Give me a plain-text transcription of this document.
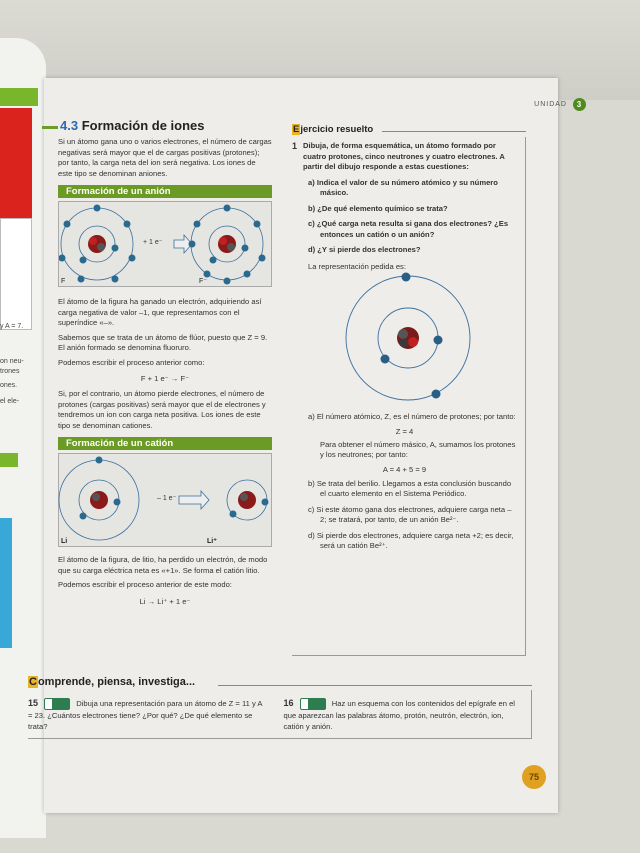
y A = 7.
on neu-
trones
ones.
el ele-
UNIDAD	3
4.3 Formación de iones

Si un átomo gana uno o varios electrones, el número de cargas negativas será mayor que el de cargas positivas (protones); por tanto, la carga neta del ion será negativa. Los iones de este tipo se denominan aniones.

Formación de un anión
+ 1 e⁻
F	F⁻

El átomo de la figura ha ganado un electrón, adquiriendo así carga negativa de valor –1, que representamos con el superíndice «–».

Sabemos que se trata de un átomo de flúor, puesto que Z = 9. El anión formado se denomina fluoruro.

Podemos escribir el proceso anterior como:

F + 1 e⁻ → F⁻

Si, por el contrario, un átomo pierde electrones, el número de protones (cargas positivas) será mayor que el de electrones y tendremos un ion con carga neta positiva. Los iones de este tipo se denominan cationes.

Formación de un catión
– 1 e⁻
Li	Li⁺

El átomo de la figura, de litio, ha perdido un electrón, de modo que su carga eléctrica neta es «+1». Se forma el catión litio.

Podemos escribir el proceso anterior de este modo:

Li → Li⁺ + 1 e⁻
Ejercicio resuelto
1 Dibuja, de forma esquemática, un átomo formado por cuatro protones, cinco neutrones y cuatro electrones. A partir del dibujo responde a estas cuestiones:
a) Indica el valor de su número atómico y su número másico.
b) ¿De qué elemento químico se trata?
c) ¿Qué carga neta resulta si gana dos electrones? ¿Es entonces un catión o un anión?
d) ¿Y si pierde dos electrones?
La representación pedida es:
a) El número atómico, Z, es el número de protones; por tanto:
Z = 4
Para obtener el número másico, A, sumamos los protones y los neutrones; por tanto:
A = 4 + 5 = 9
b) Se trata del berilio. Llegamos a esta conclusión buscando el cuarto elemento en el Sistema Periódico.
c) Si este átomo gana dos electrones, adquiere carga neta –2; se tratará, por tanto, de un anión Be²⁻.
d) Si pierde dos electrones, adquiere carga neta +2; es decir, será un catión Be²⁺.
Comprende, piensa, investiga...
15	Dibuja una representación para un átomo de Z = 11 y A = 23. ¿Cuántos electrones tiene? ¿Por qué? ¿De qué elemento se trata?
16	Haz un esquema con los contenidos del epígrafe en el que aparezcan las palabras átomo, protón, neutrón, electrón, ion, catión y anión.
75
